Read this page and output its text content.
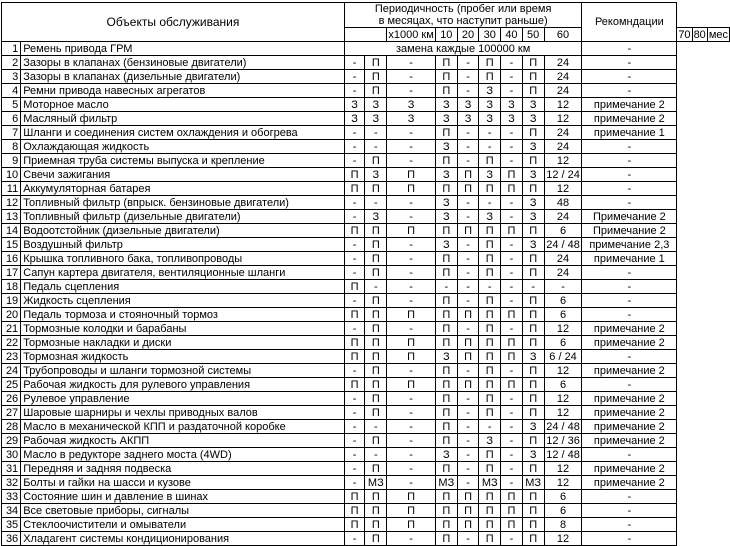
Объекты обслуживания		Периодичность (пробег или время
в месяцах, что наступит раньше)									Рекомндации			
				x1000 км	10	20	30	40	50	60		70	80	мес
1	Ремень привода ГРМ	замена каждые 100000 км									-			
2	Зазоры в клапанах (бензиновые двигатели)	-	П	-	П	-	П	-	П	24	-			
3	Зазоры в клапанах (дизельные двигатели)	-	П	-	П	-	П	-	П	24	-			
4	Ремни привода навесных агрегатов	-	П	-	П	-	З	-	П	24	-			
5	Моторное масло	З	З	З	З	З	З	З	З	12	примечание 2			
6	Масляный фильтр	З	З	З	З	З	З	З	З	12	примечание 2			
7	Шланги и соединения систем охлаждения и обогрева	-	-	-	П	-	-	-	П	24	примечание 1			
8	Охлаждающая жидкость	-	-	-	З	-	-	-	З	24	-			
9	Приемная труба системы выпуска и крепление	-	П	-	П	-	П	-	П	12	-			
10	Свечи зажигания	П	З	П	З	П	З	П	З	12 / 24	-			
11	Аккумуляторная батарея	П	П	П	П	П	П	П	П	12	-			
12	Топливный фильтр (впрыск. бензиновые двигатели)	-	-	-	З	-	-	-	З	48	-			
13	Топливный фильтр (дизельные двигатели)	-	З	-	З	-	З	-	З	24	Примечание 2			
14	Водоотстойник (дизельные двигатели)	П	П	П	П	П	П	П	П	6	Примечание 2			
15	Воздушный фильтр	-	П	-	З	-	П	-	З	24 / 48	примечание 2,3			
16	Крышка топливного бака, топливопроводы	-	П	-	П	-	П	-	П	24	примечание 1			
17	Сапун картера двигателя, вентиляционные шланги	-	П	-	П	-	П	-	П	24	-			
18	Педаль сцепления	П	-	-	-	-	-	-	-	-	-			
19	Жидкость сцепления	-	П	-	П	-	П	-	П	6	-			
20	Педаль тормоза и стояночный тормоз	П	П	П	П	П	П	П	П	6	-			
21	Тормозные колодки и барабаны	-	П	-	П	-	П	-	П	12	примечание 2			
22	Тормозные накладки и диски	П	П	П	П	П	П	П	П	6	примечание 2			
23	Тормозная жидкость	П	П	П	З	П	П	П	З	6 / 24	-			
24	Трубопроводы и шланги тормозной системы	-	П	-	П	-	П	-	П	12	примечание 2			
25	Рабочая жидкость для рулевого управления	П	П	П	П	П	П	П	П	6	-			
26	Рулевое управление	-	П	-	П	-	П	-	П	12	примечание 2			
27	Шаровые шарниры и чехлы приводных валов	-	П	-	П	-	П	-	П	12	примечание 2			
28	Масло в механической КПП и раздаточной коробке	-	-	-	П	-	-	-	З	24 / 48	примечание 2			
29	Рабочая жидкость АКПП	-	П	-	П	-	З	-	П	12 / 36	примечание 2			
30	Масло в редукторе заднего моста (4WD)	-	-	-	З	-	П	-	З	12 / 48	-			
31	Передняя и задняя подвеска	-	П	-	П	-	П	-	П	12	примечание 2			
32	Болты и гайки на шасси и кузове	-	МЗ	-	МЗ	-	МЗ	-	МЗ	12	примечание 2			
33	Состояние шин и давление в шинах	П	П	П	П	П	П	П	П	6	-			
34	Все световые приборы, сигналы	П	П	П	П	П	П	П	П	6	-			
35	Стеклоочистители и омыватели	П	П	П	П	П	П	П	П	8	-			
36	Хладагент системы кондиционирования	-	П	-	П	-	П	-	П	12	-			
